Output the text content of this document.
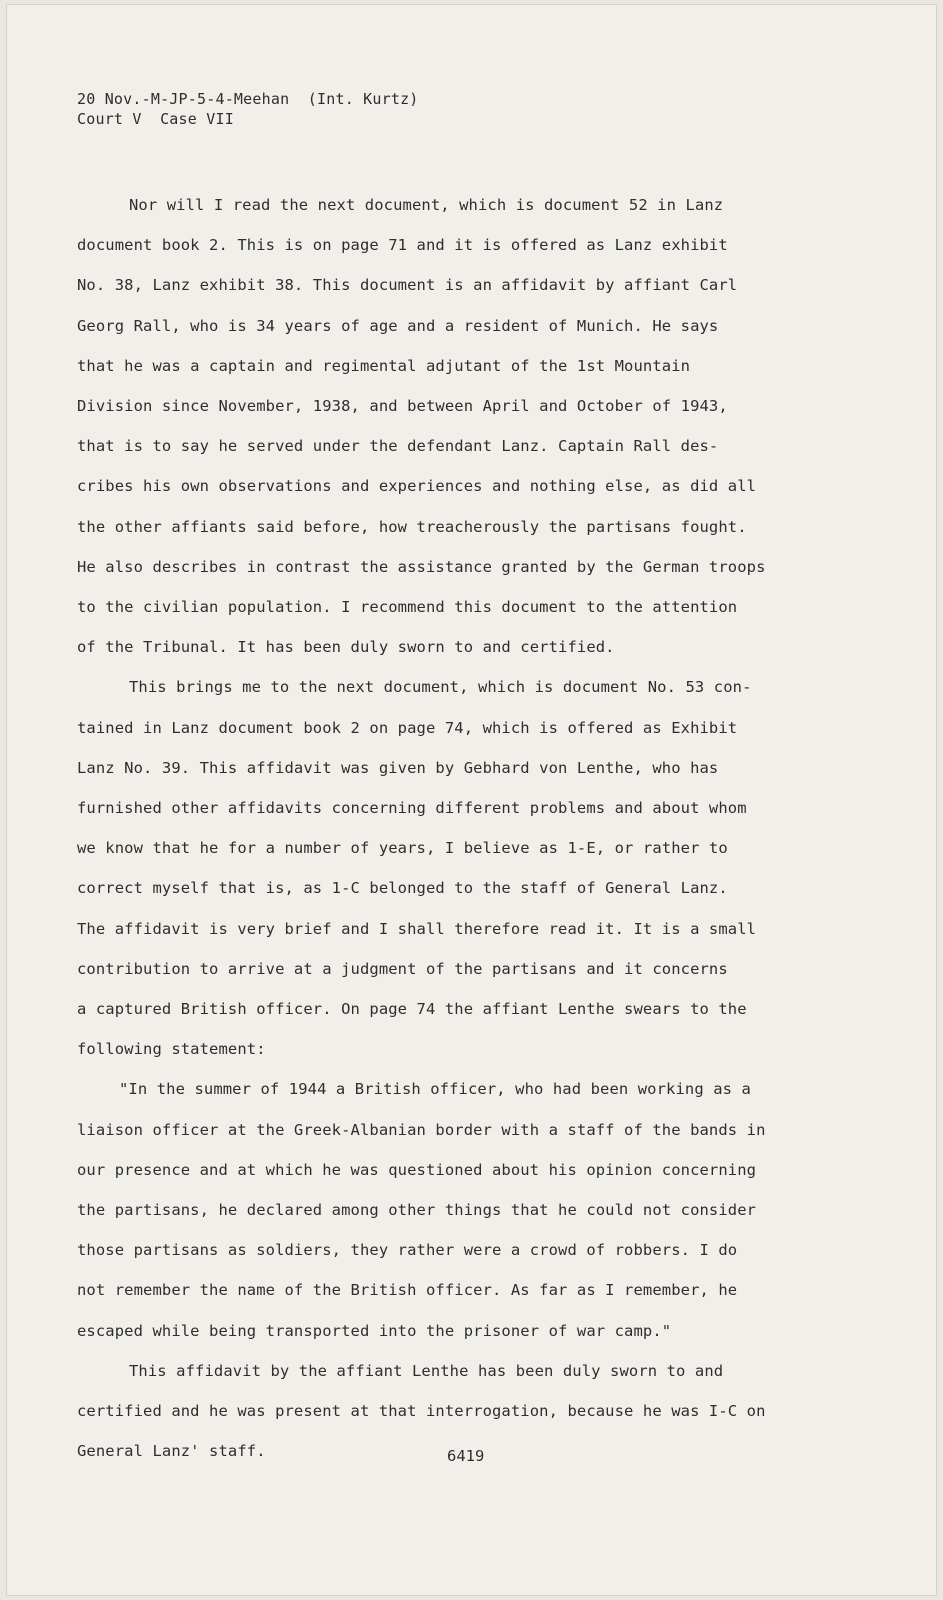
20 Nov.-M-JP-5-4-Meehan  (Int. Kurtz)
Court V  Case VII

Nor will I read the next document, which is document 52 in Lanz
document book 2. This is on page 71 and it is offered as Lanz exhibit
No. 38, Lanz exhibit 38. This document is an affidavit by affiant Carl
Georg Rall, who is 34 years of age and a resident of Munich. He says
that he was a captain and regimental adjutant of the 1st Mountain
Division since November, 1938, and between April and October of 1943,
that is to say he served under the defendant Lanz. Captain Rall des-
cribes his own observations and experiences and nothing else, as did all
the other affiants said before, how treacherously the partisans fought.
He also describes in contrast the assistance granted by the German troops
to the civilian population. I recommend this document to the attention
of the Tribunal. It has been duly sworn to and certified.

This brings me to the next document, which is document No. 53 con-
tained in Lanz document book 2 on page 74, which is offered as Exhibit
Lanz No. 39. This affidavit was given by Gebhard von Lenthe, who has
furnished other affidavits concerning different problems and about whom
we know that he for a number of years, I believe as 1-E, or rather to
correct myself that is, as 1-C belonged to the staff of General Lanz.
The affidavit is very brief and I shall therefore read it. It is a small
contribution to arrive at a judgment of the partisans and it concerns
a captured British officer. On page 74 the affiant Lenthe swears to the
following statement:

"In the summer of 1944 a British officer, who had been working as a
liaison officer at the Greek-Albanian border with a staff of the bands in
our presence and at which he was questioned about his opinion concerning
the partisans, he declared among other things that he could not consider
those partisans as soldiers, they rather were a crowd of robbers. I do
not remember the name of the British officer. As far as I remember, he
escaped while being transported into the prisoner of war camp."

This affidavit by the affiant Lenthe has been duly sworn to and
certified and he was present at that interrogation, because he was I-C on
General Lanz' staff.	6419
